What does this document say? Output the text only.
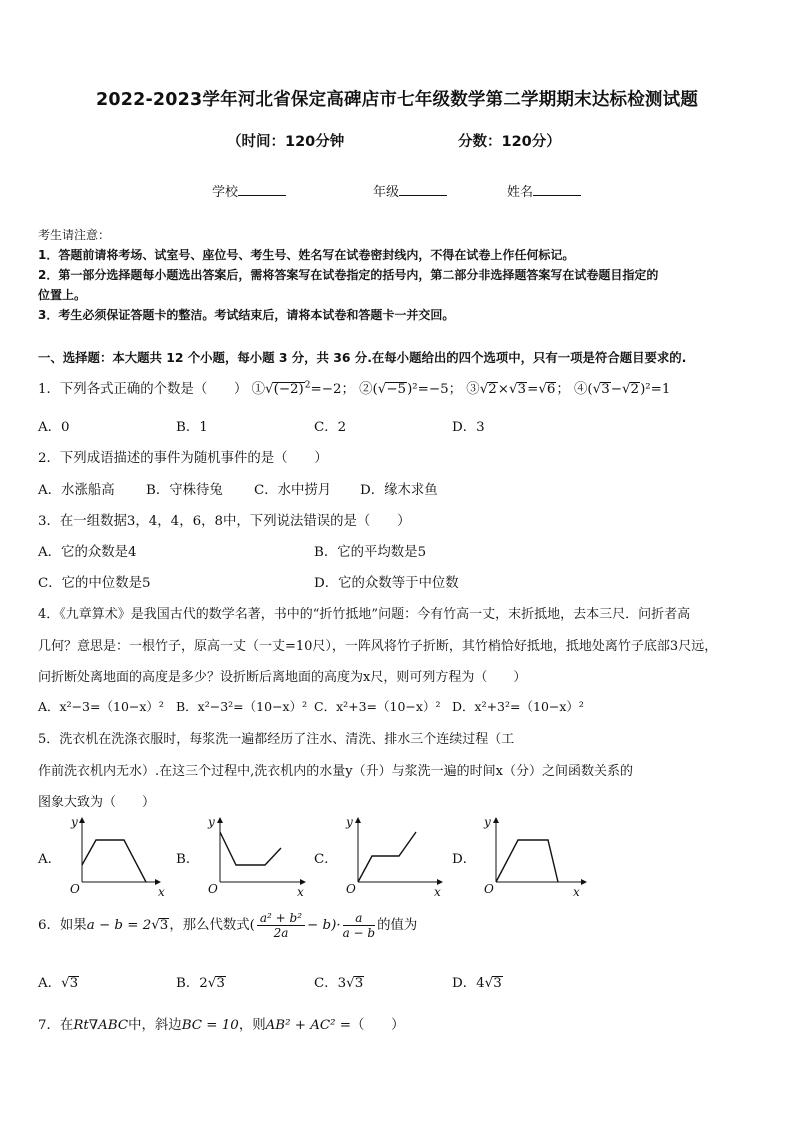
2022-2023学年河北省保定高碑店市七年级数学第二学期期末达标检测试题
（时间：120分钟	分数：120分）
学校	年级	姓名
考生请注意：
1．答题前请将考场、试室号、座位号、考生号、姓名写在试卷密封线内，不得在试卷上作任何标记。
2．第一部分选择题每小题选出答案后，需将答案写在试卷指定的括号内，第二部分非选择题答案写在试卷题目指定的
位置上。
3．考生必须保证答题卡的整洁。考试结束后，请将本试卷和答题卡一并交回。
一、选择题：本大题共 12 个小题，每小题 3 分，共 36 分.在每小题给出的四个选项中，只有一项是符合题目要求的.
1．下列各式正确的个数是（　　） $①√(-2)^2=-2$； ②(√−5)²=−5； ③√2×√3=√6； ④(√3−√2)²=1
A．0	B．1	C．2	D．3
2．下列成语描述的事件为随机事件的是（　　）
A．水涨船高 B．守株待兔 C．水中捞月 D．缘木求鱼
3．在一组数据3，4，4，6，8中，下列说法错误的是（　　）
A．它的众数是4	B．它的平均数是5
C．它的中位数是5	D．它的众数等于中位数
4．《九章算术》是我国古代的数学名著，书中的“折竹抵地”问题：今有竹高一丈，末折抵地，去本三尺．问折者高
几何？意思是：一根竹子，原高一丈（一丈=10尺），一阵风将竹子折断，其竹梢恰好抵地，抵地处离竹子底部3尺远，
问折断处离地面的高度是多少？设折断后离地面的高度为x尺，则可列方程为（　　）
A．x²−3=（10−x）² B．x²−3²=（10−x）² C．x²+3=（10−x）² D．x²+3²=（10−x）²
5．洗衣机在洗涤衣服时，每浆洗一遍都经历了注水、清洗、排水三个连续过程（工
作前洗衣机内无水）.在这三个过程中,洗衣机内的水量y（升）与浆洗一遍的时间x（分）之间函数关系的
图象大致为（　　）
A．	B．	C．	D．
y
O	x
y
O	x
y
O	x
y
O	x
6．如果a − b = 2√3，那么代数式( $\frac{\text{a² + b²}}{2a} - b)\cdot \frac{a}{a - b}$ 的值为
A．√3	B．2√3	C．3√3	D．4√3
7．在Rt∇ABC中，斜边BC = 10，则AB² + AC² =（　　）
